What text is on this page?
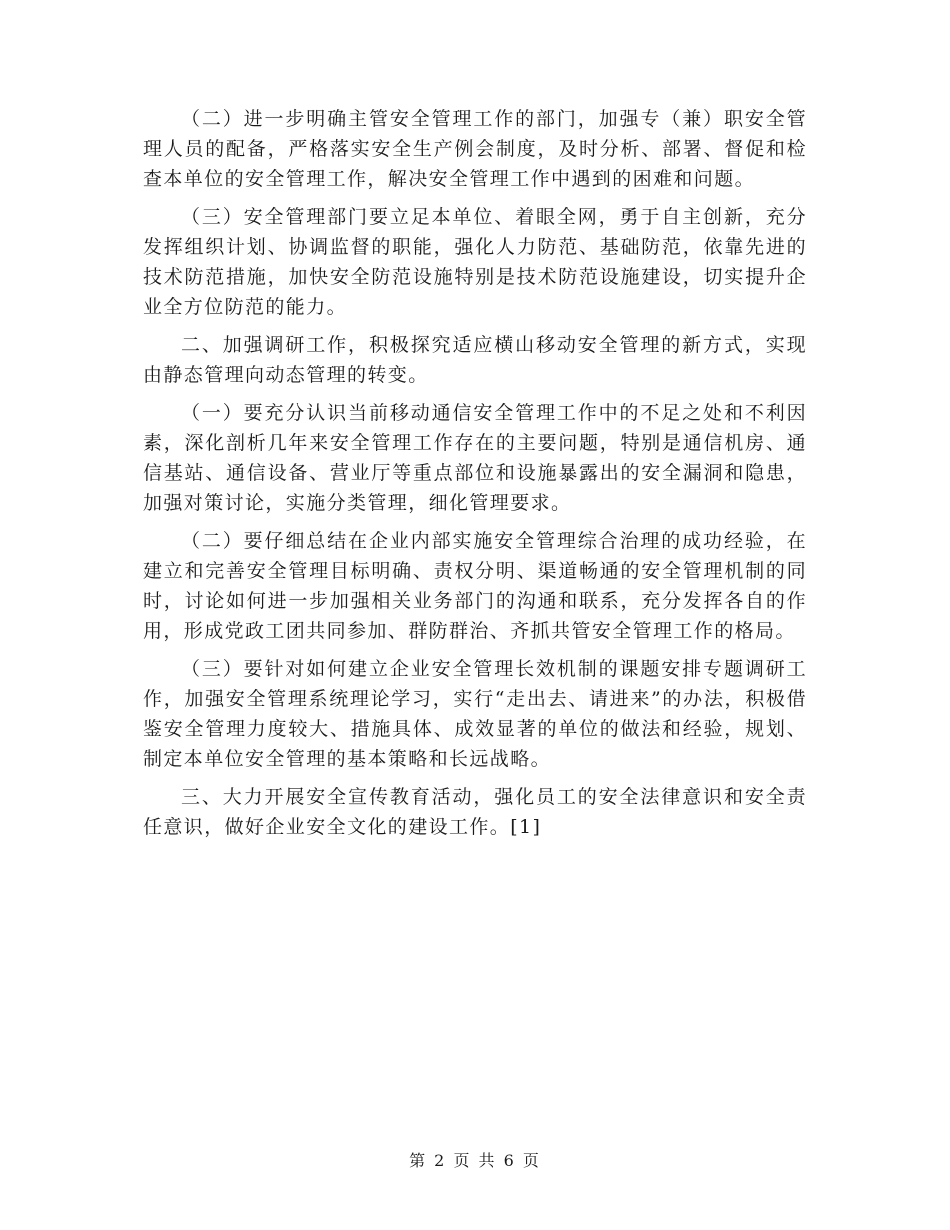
（二）进一步明确主管安全管理工作的部门，加强专（兼）职安全管理人员的配备，严格落实安全生产例会制度，及时分析、部署、督促和检查本单位的安全管理工作，解决安全管理工作中遇到的困难和问题。

（三）安全管理部门要立足本单位、着眼全网，勇于自主创新，充分发挥组织计划、协调监督的职能，强化人力防范、基础防范，依靠先进的技术防范措施，加快安全防范设施特别是技术防范设施建设，切实提升企业全方位防范的能力。

二、加强调研工作，积极探究适应横山移动安全管理的新方式，实现由静态管理向动态管理的转变。

（一）要充分认识当前移动通信安全管理工作中的不足之处和不利因素，深化剖析几年来安全管理工作存在的主要问题，特别是通信机房、通信基站、通信设备、营业厅等重点部位和设施暴露出的安全漏洞和隐患，加强对策讨论，实施分类管理，细化管理要求。

（二）要仔细总结在企业内部实施安全管理综合治理的成功经验，在建立和完善安全管理目标明确、责权分明、渠道畅通的安全管理机制的同时，讨论如何进一步加强相关业务部门的沟通和联系，充分发挥各自的作用，形成党政工团共同参加、群防群治、齐抓共管安全管理工作的格局。

（三）要针对如何建立企业安全管理长效机制的课题安排专题调研工作，加强安全管理系统理论学习，实行“走出去、请进来”的办法，积极借鉴安全管理力度较大、措施具体、成效显著的单位的做法和经验，规划、制定本单位安全管理的基本策略和长远战略。

三、大力开展安全宣传教育活动，强化员工的安全法律意识和安全责任意识，做好企业安全文化的建设工作。[1]

第 2 页 共 6 页
